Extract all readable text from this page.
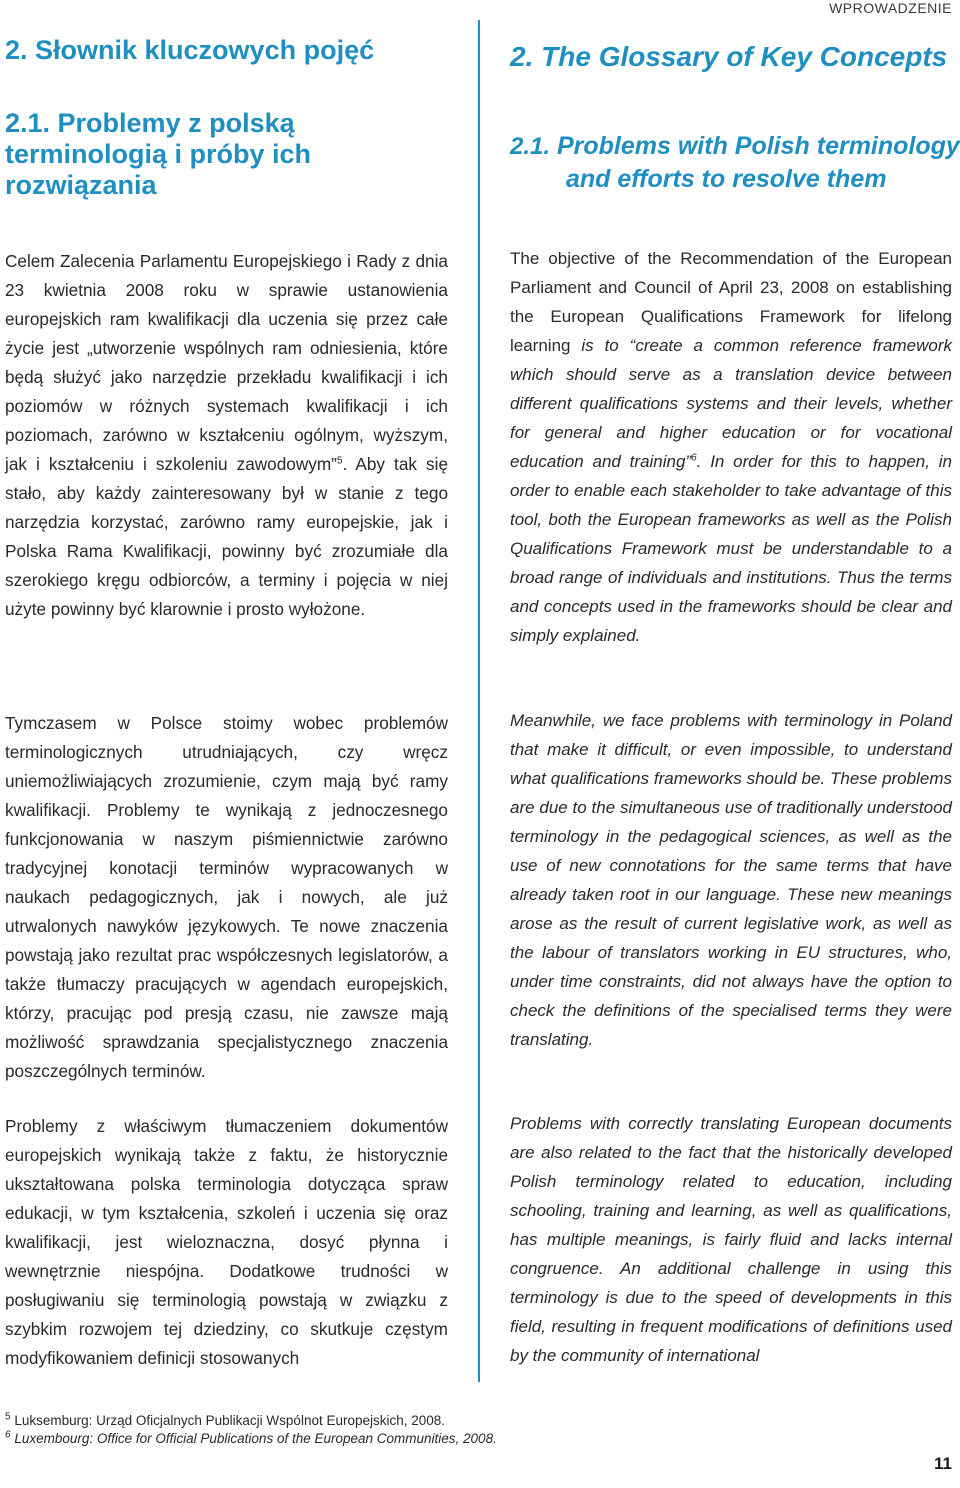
WPROWADZENIE
2. Słownik kluczowych pojęć
2.1. Problemy z polską terminologią i próby ich rozwiązania

Celem Zalecenia Parlamentu Europejskiego i Rady z dnia 23 kwietnia 2008 roku w sprawie ustanowienia europejskich ram kwalifikacji dla uczenia się przez całe życie jest „utworzenie wspólnych ram odniesienia, które będą służyć jako narzędzie przekładu kwalifikacji i ich poziomów w różnych systemach kwalifikacji i ich poziomach, zarówno w kształceniu ogólnym, wyższym, jak i kształceniu i szkoleniu zawodowym”$^5$. Aby tak się stało, aby każdy zainteresowany był w stanie z tego narzędzia korzystać, zarówno ramy europejskie, jak i Polska Rama Kwalifikacji, powinny być zrozumiałe dla szerokiego kręgu odbiorców, a terminy i pojęcia w niej użyte powinny być klarownie i prosto wyłożone.

Tymczasem w Polsce stoimy wobec problemów terminologicznych utrudniających, czy wręcz uniemożliwiających zrozumienie, czym mają być ramy kwalifikacji. Problemy te wynikają z jednoczesnego funkcjonowania w naszym piśmiennictwie zarówno tradycyjnej konotacji terminów wypracowanych w naukach pedagogicznych, jak i nowych, ale już utrwalonych nawyków językowych. Te nowe znaczenia powstają jako rezultat prac współczesnych legislatorów, a także tłumaczy pracujących w agendach europejskich, którzy, pracując pod presją czasu, nie zawsze mają możliwość sprawdzania specjalistycznego znaczenia poszczególnych terminów.

Problemy z właściwym tłumaczeniem dokumentów europejskich wynikają także z faktu, że historycznie ukształtowana polska terminologia dotycząca spraw edukacji, w tym kształcenia, szkoleń i uczenia się oraz kwalifikacji, jest wieloznaczna, dosyć płynna i wewnętrznie niespójna. Dodatkowe trudności w posługiwaniu się terminologią powstają w związku z szybkim rozwojem tej dziedziny, co skutkuje częstym modyfikowaniem definicji stosowanych

2. The Glossary of Key Concepts
2.1. Problems with Polish terminology and efforts to resolve them

The objective of the Recommendation of the European Parliament and Council of April 23, 2008 on establishing the European Qualifications Framework for lifelong learning is to “create a common reference framework which should serve as a translation device between different qualifications systems and their levels, whether for general and higher education or for vocational education and training”$^6$. In order for this to happen, in order to enable each stakeholder to take advantage of this tool, both the European frameworks as well as the Polish Qualifications Framework must be understandable to a broad range of individuals and institutions. Thus the terms and concepts used in the frameworks should be clear and simply explained.

Meanwhile, we face problems with terminology in Poland that make it difficult, or even impossible, to understand what qualifications frameworks should be. These problems are due to the simultaneous use of traditionally understood terminology in the pedagogical sciences, as well as the use of new connotations for the same terms that have already taken root in our language. These new meanings arose as the result of current legislative work, as well as the labour of translators working in EU structures, who, under time constraints, did not always have the option to check the definitions of the specialised terms they were translating.

Problems with correctly translating European documents are also related to the fact that the historically developed Polish terminology related to education, including schooling, training and learning, as well as qualifications, has multiple meanings, is fairly fluid and lacks internal congruence. An additional challenge in using this terminology is due to the speed of developments in this field, resulting in frequent modifications of definitions used by the community of international

$^5$ Luksemburg: Urząd Oficjalnych Publikacji Wspólnot Europejskich, 2008.
$^6$ Luxembourg: Office for Official Publications of the European Communities, 2008.
11
